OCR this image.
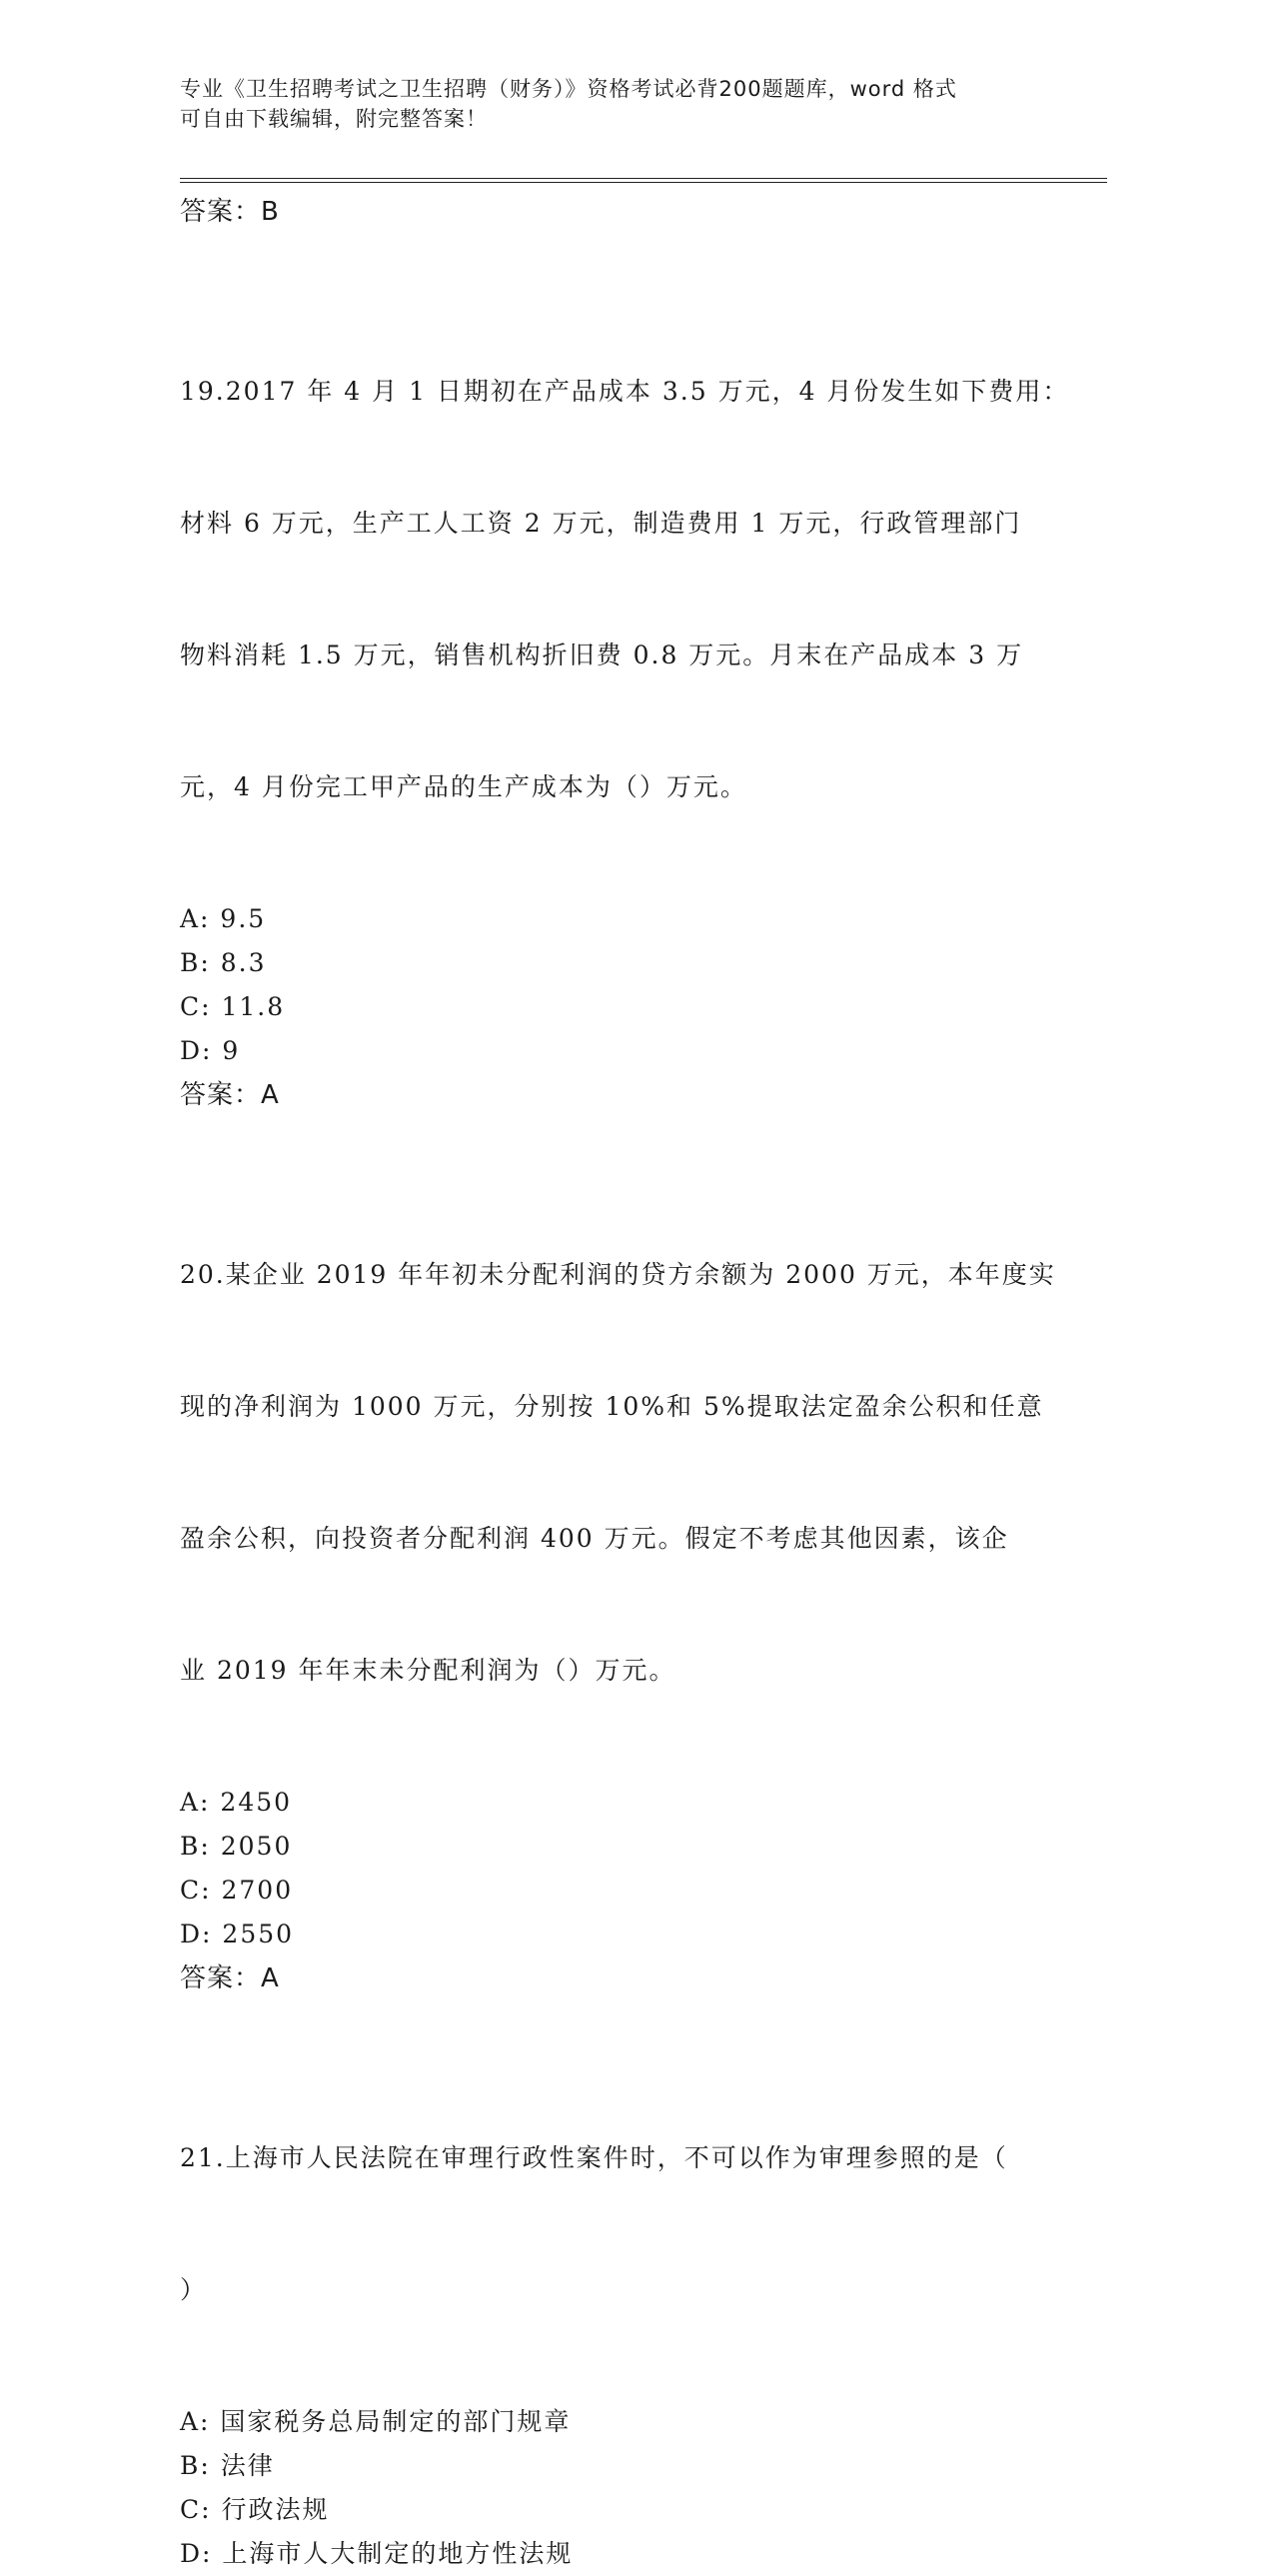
专业《卫生招聘考试之卫生招聘（财务）》资格考试必背200题题库，word 格式
可自由下载编辑，附完整答案！
答案：B

19.2017 年 4 月 1 日期初在产品成本 3.5 万元，4 月份发生如下费用：

材料 6 万元，生产工人工资 2 万元，制造费用 1 万元，行政管理部门

物料消耗 1.5 万元，销售机构折旧费 0.8 万元。月末在产品成本 3 万

元，4 月份完工甲产品的生产成本为（）万元。

A: 9.5
B: 8.3
C: 11.8
D: 9
答案：A

20.某企业 2019 年年初未分配利润的贷方余额为 2000 万元，本年度实

现的净利润为 1000 万元，分别按 10%和 5%提取法定盈余公积和任意

盈余公积，向投资者分配利润 400 万元。假定不考虑其他因素，该企

业 2019 年年末未分配利润为（）万元。

A: 2450
B: 2050
C: 2700
D: 2550
答案：A

21.上海市人民法院在审理行政性案件时，不可以作为审理参照的是（

）

A: 国家税务总局制定的部门规章
B: 法律
C: 行政法规
D: 上海市人大制定的地方性法规
